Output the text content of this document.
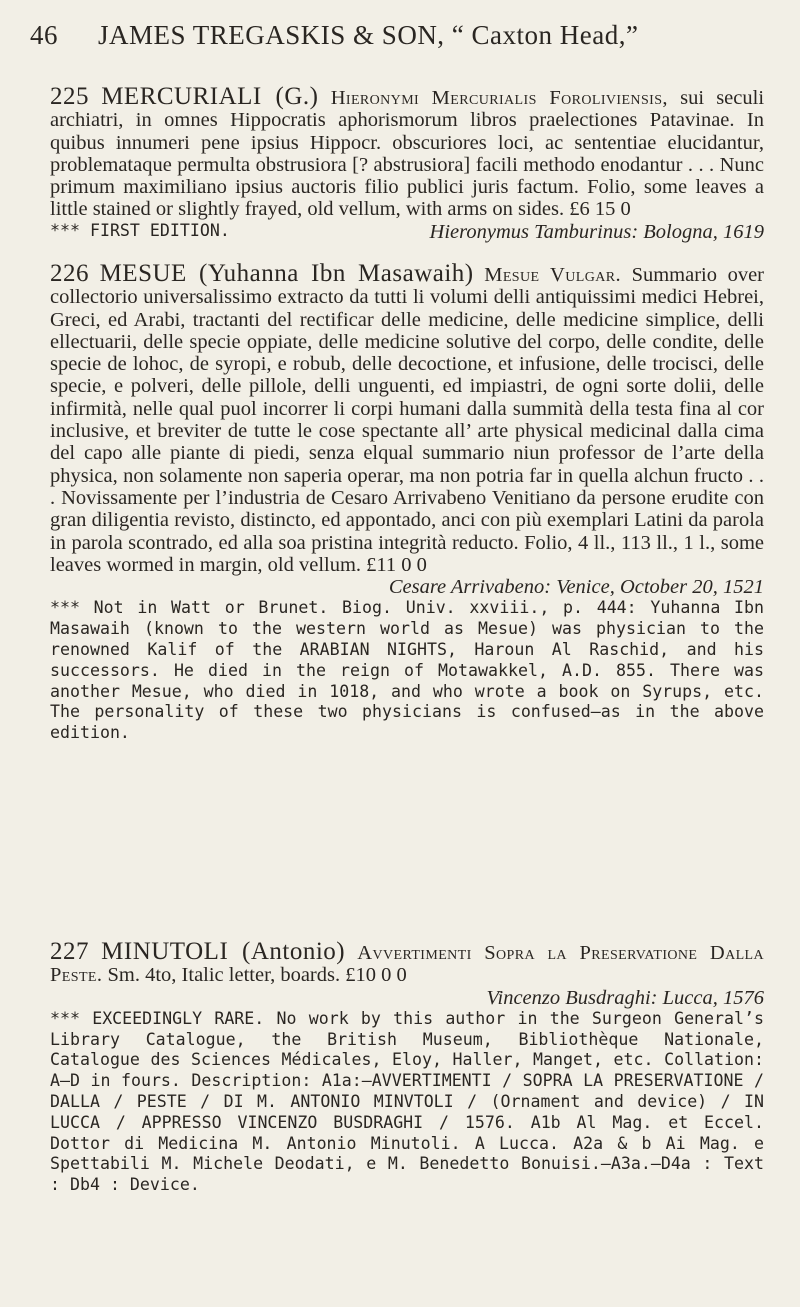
46 JAMES TREGASKIS & SON, “ Caxton Head,”

225 MERCURIALI (G.) Hieronymi Mercurialis Foroliviensis, sui seculi archiatri, in omnes Hippocratis aphorismorum libros praelectiones Patavinae. In quibus innumeri pene ipsius Hippocr. obscuriores loci, ac sententiae elucidantur, problemataque permulta obstrusiora [? abstrusiora] facili methodo enodantur . . . Nunc primum maximiliano ipsius auctoris filio publici juris factum. Folio, some leaves a little stained or slightly frayed, old vellum, with arms on sides. £6 15 0
Hieronymus Tamburinus: Bologna, 1619

*** FIRST EDITION.

226 MESUE (Yuhanna Ibn Masawaih) Mesue Vulgar. Summario over collectorio universalissimo extracto da tutti li volumi delli antiquissimi medici Hebrei, Greci, ed Arabi, tractanti del rectificar delle medicine, delle medicine simplice, delli ellectuarii, delle specie oppiate, delle medicine solutive del corpo, delle condite, delle specie de lohoc, de syropi, e robub, delle decoctione, et infusione, delle trocisci, delle specie, e polveri, delle pillole, delli unguenti, ed impiastri, de ogni sorte dolii, delle infirmità, nelle qual puol incorrer li corpi humani dalla summità della testa fina al cor inclusive, et breviter de tutte le cose spectante all’ arte physical medicinal dalla cima del capo alle piante di piedi, senza elqual summario niun professor de l’arte della physica, non solamente non saperia operar, ma non potria far in quella alchun fructo . . . Novissamente per l’industria de Cesaro Arrivabeno Venitiano da persone erudite con gran diligentia revisto, distincto, ed appontado, anci con più exemplari Latini da parola in parola scontrado, ed alla soa pristina integrità reducto. Folio, 4 ll., 113 ll., 1 l., some leaves wormed in margin, old vellum. £11 0 0

Cesare Arrivabeno: Venice, October 20, 1521

*** Not in Watt or Brunet. Biog. Univ. xxviii., p. 444: Yuhanna Ibn Masawaih (known to the western world as Mesue) was physician to the renowned Kalif of the ARABIAN NIGHTS, Haroun Al Raschid, and his successors. He died in the reign of Motawakkel, A.D. 855. There was another Mesue, who died in 1018, and who wrote a book on Syrups, etc. The personality of these two physicians is confused—as in the above edition.

227 MINUTOLI (Antonio) Avvertimenti Sopra la Preservatione Dalla Peste. Sm. 4to, Italic letter, boards. £10 0 0

Vincenzo Busdraghi: Lucca, 1576

*** EXCEEDINGLY RARE. No work by this author in the Surgeon General’s Library Catalogue, the British Museum, Bibliothèque Nationale, Catalogue des Sciences Médicales, Eloy, Haller, Manget, etc. Collation: A—D in fours. Description: A1a:—AVVERTIMENTI / SOPRA LA PRESERVATIONE / DALLA / PESTE / DI M. ANTONIO MINVTOLI / (Ornament and device) / IN LUCCA / APPRESSO VINCENZO BUSDRAGHI / 1576. A1b Al Mag. et Eccel. Dottor di Medicina M. Antonio Minutoli. A Lucca. A2a & b Ai Mag. e Spettabili M. Michele Deodati, e M. Benedetto Bonuisi.—A3a.—D4a : Text : Db4 : Device.
